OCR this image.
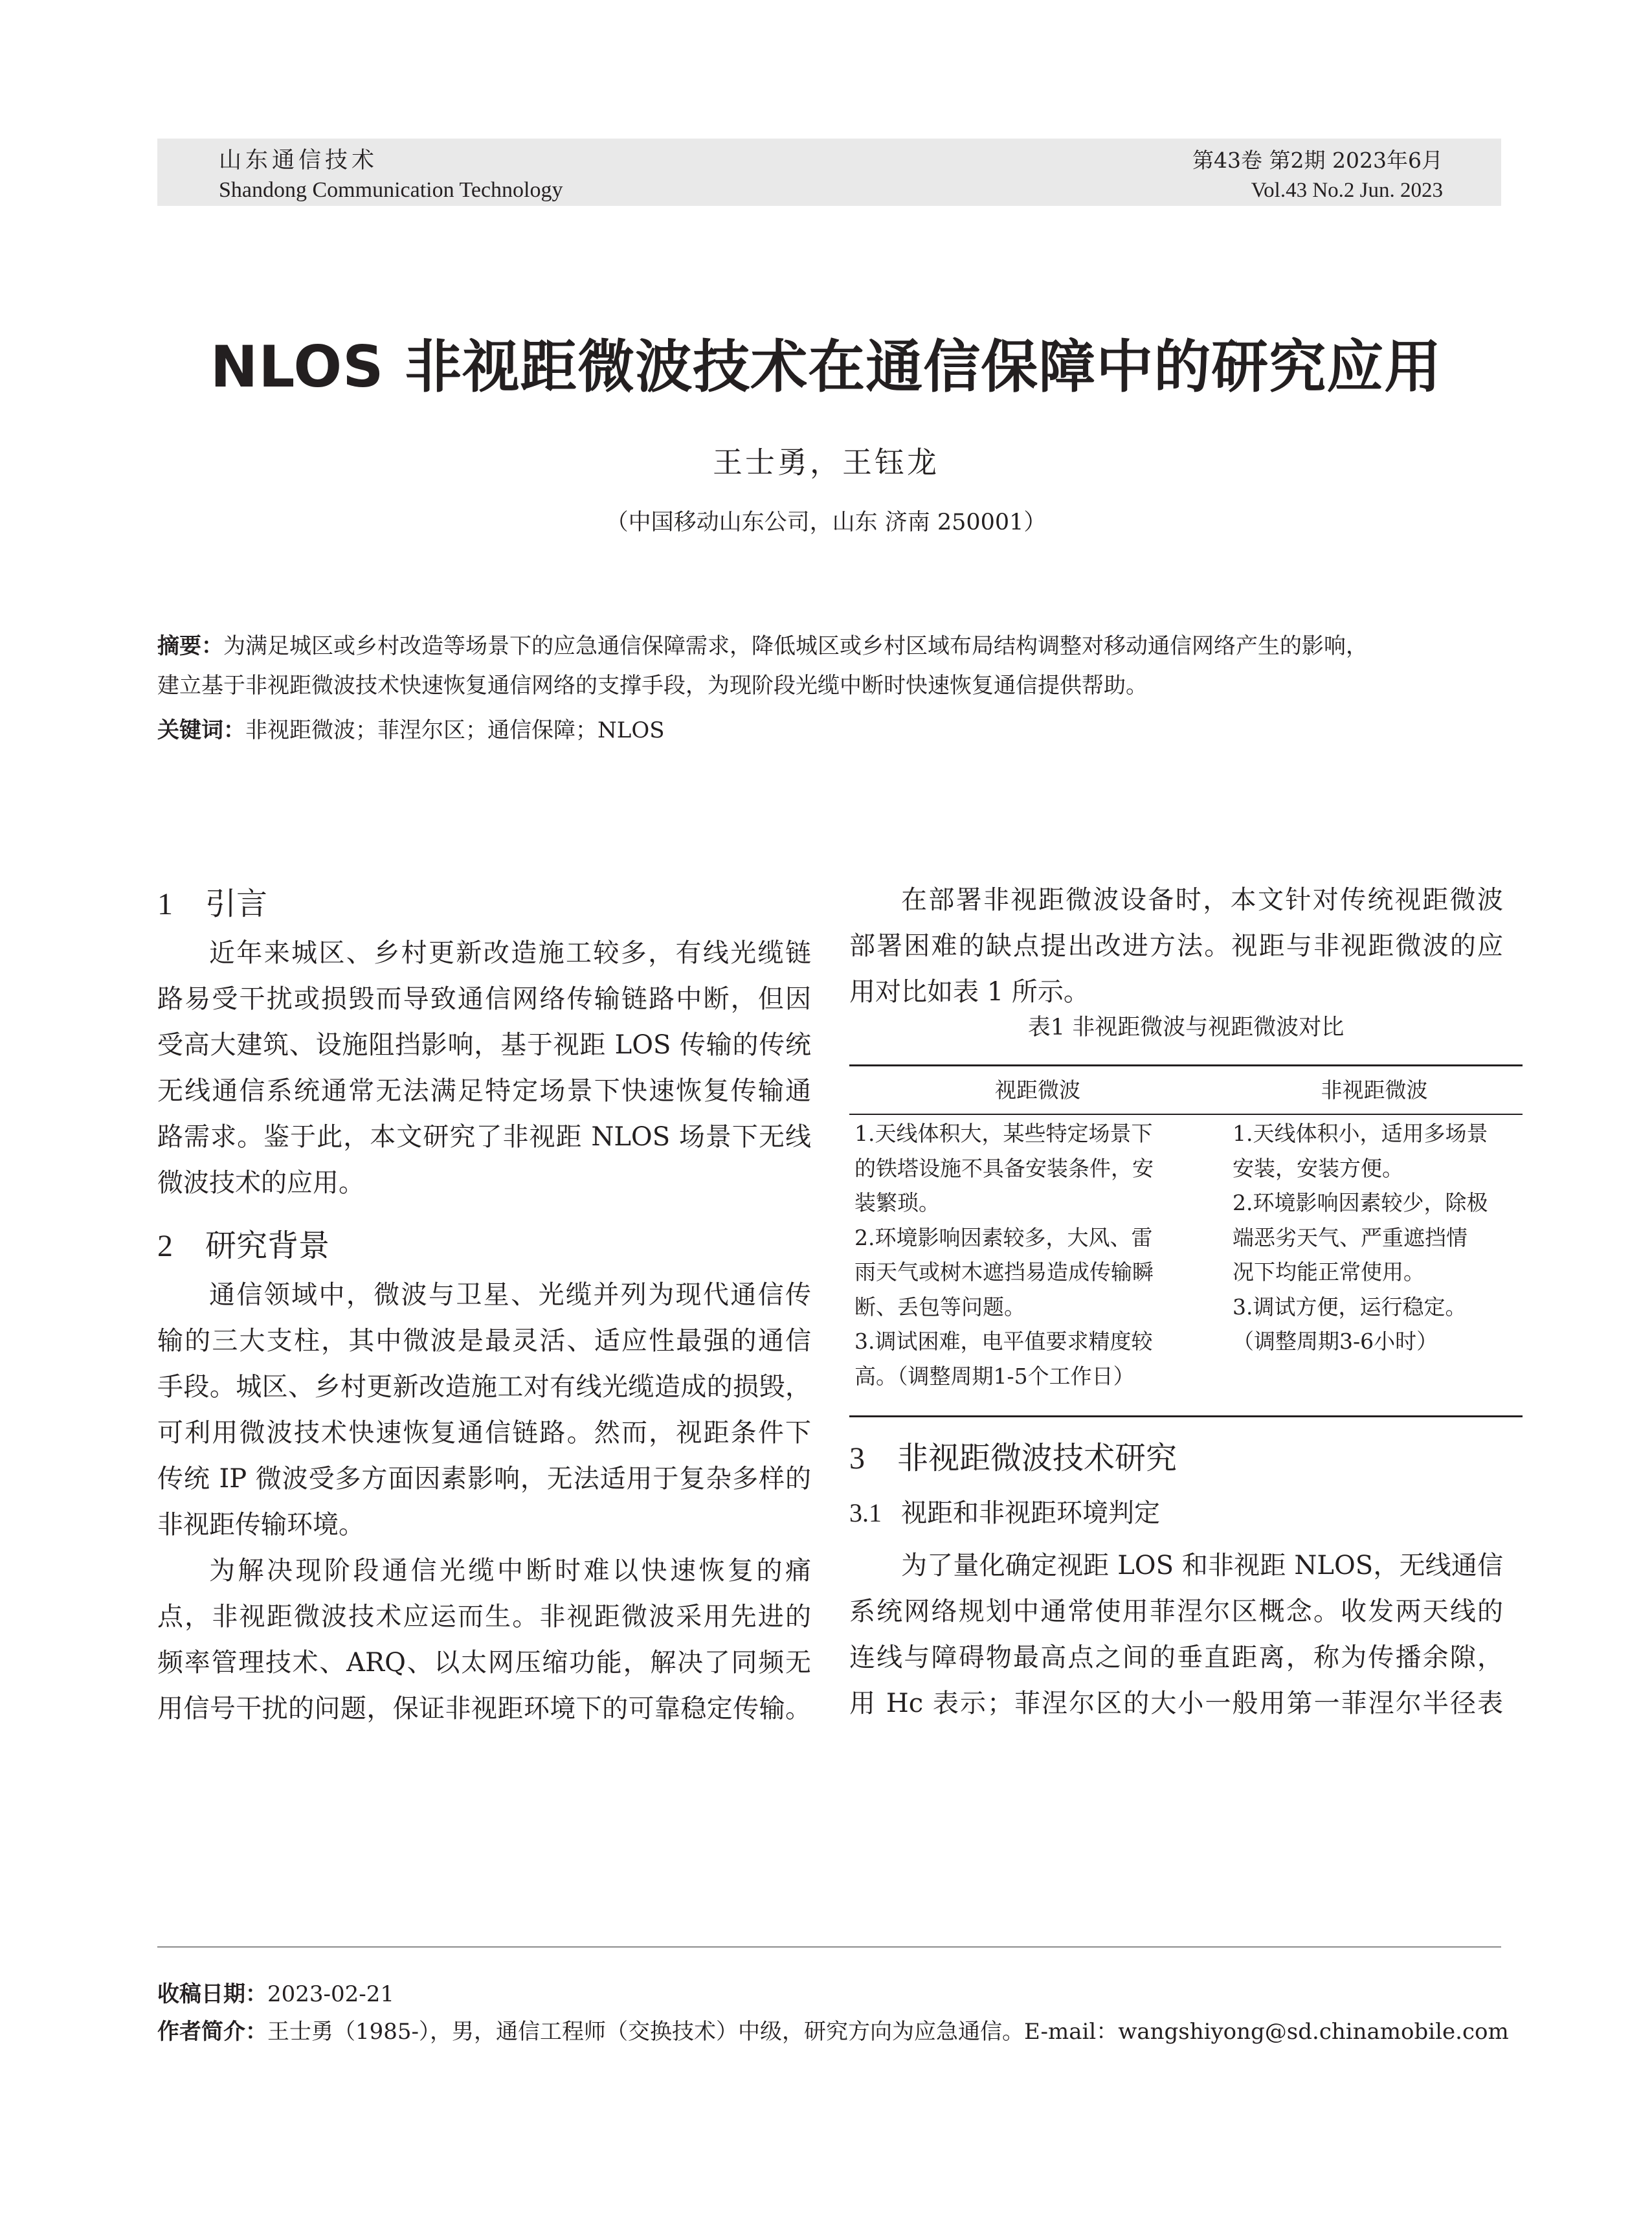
山东通信技术
Shandong Communication Technology
第43卷 第2期 2023年6月
Vol.43 No.2 Jun. 2023
NLOS 非视距微波技术在通信保障中的研究应用
王士勇，王钰龙
（中国移动山东公司，山东 济南 250001）
摘要：为满足城区或乡村改造等场景下的应急通信保障需求，降低城区或乡村区域布局结构调整对移动通信网络产生的影响，
建立基于非视距微波技术快速恢复通信网络的支撑手段，为现阶段光缆中断时快速恢复通信提供帮助。
关键词：非视距微波；菲涅尔区；通信保障；NLOS
1 引言

近年来城区、乡村更新改造施工较多，有线光缆链

路易受干扰或损毁而导致通信网络传输链路中断，但因

受高大建筑、设施阻挡影响，基于视距 LOS 传输的传统

无线通信系统通常无法满足特定场景下快速恢复传输通

路需求。鉴于此，本文研究了非视距 NLOS 场景下无线

微波技术的应用。

2 研究背景

通信领域中，微波与卫星、光缆并列为现代通信传

输的三大支柱，其中微波是最灵活、适应性最强的通信

手段。城区、乡村更新改造施工对有线光缆造成的损毁，

可利用微波技术快速恢复通信链路。然而，视距条件下

传统 IP 微波受多方面因素影响，无法适用于复杂多样的

非视距传输环境。

为解决现阶段通信光缆中断时难以快速恢复的痛

点，非视距微波技术应运而生。非视距微波采用先进的

频率管理技术、ARQ、以太网压缩功能，解决了同频无

用信号干扰的问题，保证非视距环境下的可靠稳定传输。

在部署非视距微波设备时，本文针对传统视距微波

部署困难的缺点提出改进方法。视距与非视距微波的应

用对比如表 1 所示。

表1 非视距微波与视距微波对比
视距微波	非视距微波
1.天线体积大，某些特定场景下
的铁塔设施不具备安装条件，安
装繁琐。
2.环境影响因素较多，大风、雷
雨天气或树木遮挡易造成传输瞬
断、丢包等问题。
3.调试困难，电平值要求精度较
高。（调整周期1-5个工作日）
1.天线体积小，适用多场景
安装，安装方便。
2.环境影响因素较少，除极
端恶劣天气、严重遮挡情
况下均能正常使用。
3.调试方便，运行稳定。
（调整周期3-6小时）
3 非视距微波技术研究
3.1 视距和非视距环境判定

为了量化确定视距 LOS 和非视距 NLOS，无线通信

系统网络规划中通常使用菲涅尔区概念。收发两天线的

连线与障碍物最高点之间的垂直距离，称为传播余隙，

用 Hc 表示；菲涅尔区的大小一般用第一菲涅尔半径表

收稿日期：2023-02-21
作者简介：王士勇（1985-），男，通信工程师（交换技术）中级，研究方向为应急通信。E-mail：wangshiyong@sd.chinamobile.com
